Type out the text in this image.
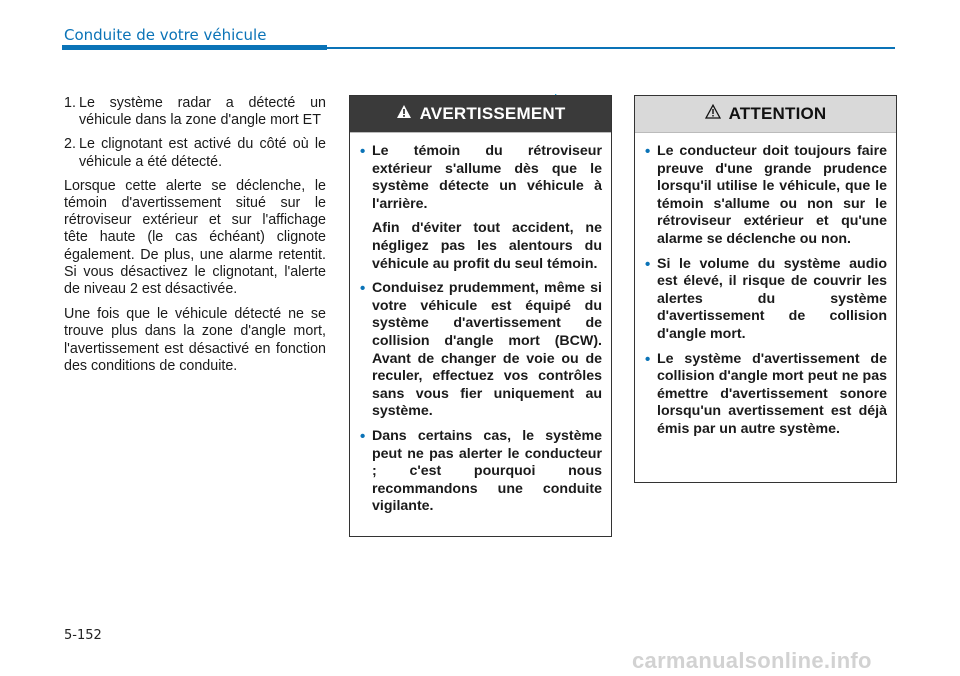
Conduite de votre véhicule
1. Le système radar a détecté un véhicule dans la zone d'angle mort ET
2. Le clignotant est activé du côté où le véhicule a été détecté.

Lorsque cette alerte se déclenche, le témoin d'avertissement situé sur le rétroviseur extérieur et sur l'affichage tête haute (le cas échéant) clignote également. De plus, une alarme retentit. Si vous désactivez le clignotant, l'alerte de niveau 2 est désactivée.

Une fois que le véhicule détecté ne se trouve plus dans la zone d'angle mort, l'avertissement est désactivé en fonction des conditions de conduite.

AVERTISSEMENT
• Le témoin du rétroviseur extérieur s'allume dès que le système détecte un véhicule à l'arrière.
Afin d'éviter tout accident, ne négligez pas les alentours du véhicule au profit du seul témoin.
• Conduisez prudemment, même si votre véhicule est équipé du système d'avertissement de collision d'angle mort (BCW). Avant de changer de voie ou de reculer, effectuez vos contrôles sans vous fier uniquement au système.
• Dans certains cas, le système peut ne pas alerter le conducteur ; c'est pourquoi nous recommandons une conduite vigilante.
ATTENTION
• Le conducteur doit toujours faire preuve d'une grande prudence lorsqu'il utilise le véhicule, que le témoin s'allume ou non sur le rétroviseur extérieur et qu'une alarme se déclenche ou non.
• Si le volume du système audio est élevé, il risque de couvrir les alertes du système d'avertissement de collision d'angle mort.
• Le système d'avertissement de collision d'angle mort peut ne pas émettre d'avertissement sonore lorsqu'un avertissement est déjà émis par un autre système.
5-152
carmanualsonline.info
